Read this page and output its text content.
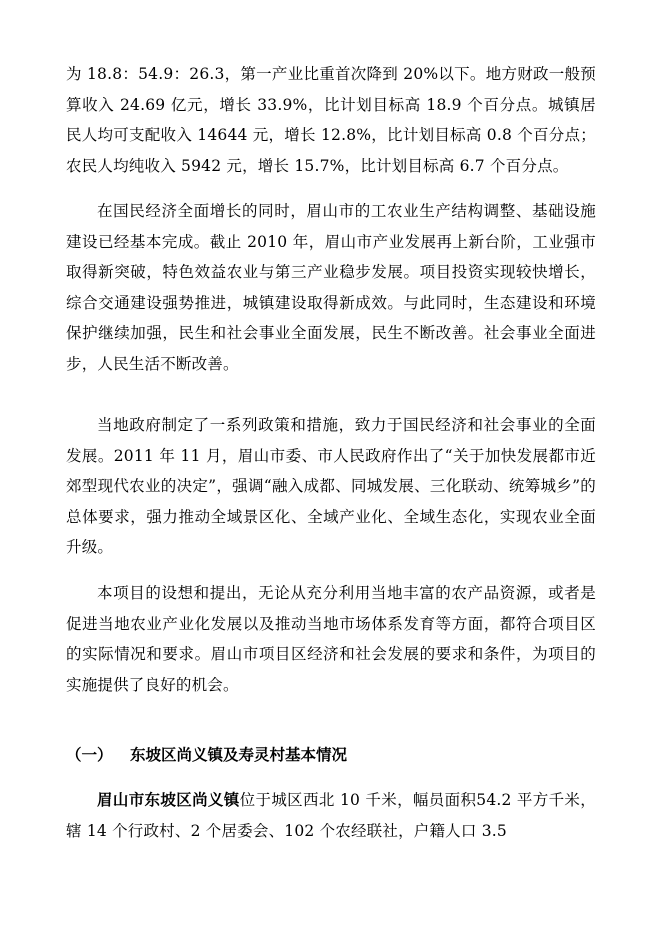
为 18.8：54.9：26.3，第一产业比重首次降到 20%以下。地方财政一般预算收入 24.69 亿元，增长 33.9%，比计划目标高 18.9 个百分点。城镇居民人均可支配收入 14644 元，增长 12.8%，比计划目标高 0.8 个百分点；农民人均纯收入 5942 元，增长 15.7%，比计划目标高 6.7 个百分点。

在国民经济全面增长的同时，眉山市的工农业生产结构调整、基础设施建设已经基本完成。截止 2010 年，眉山市产业发展再上新台阶，工业强市取得新突破，特色效益农业与第三产业稳步发展。项目投资实现较快增长，综合交通建设强势推进，城镇建设取得新成效。与此同时，生态建设和环境保护继续加强，民生和社会事业全面发展，民生不断改善。社会事业全面进步，人民生活不断改善。

当地政府制定了一系列政策和措施，致力于国民经济和社会事业的全面发展。2011 年 11 月，眉山市委、市人民政府作出了“关于加快发展都市近郊型现代农业的决定”，强调“融入成都、同城发展、三化联动、统筹城乡”的总体要求，强力推动全域景区化、全域产业化、全域生态化，实现农业全面升级。

本项目的设想和提出，无论从充分利用当地丰富的农产品资源，或者是促进当地农业产业化发展以及推动当地市场体系发育等方面，都符合项目区的实际情况和要求。眉山市项目区经济和社会发展的要求和条件，为项目的实施提供了良好的机会。

（一） 东坡区尚义镇及寿灵村基本情况

眉山市东坡区尚义镇位于城区西北 10 千米，幅员面积54.2 平方千米，辖 14 个行政村、2 个居委会、102 个农经联社，户籍人口 3.5
